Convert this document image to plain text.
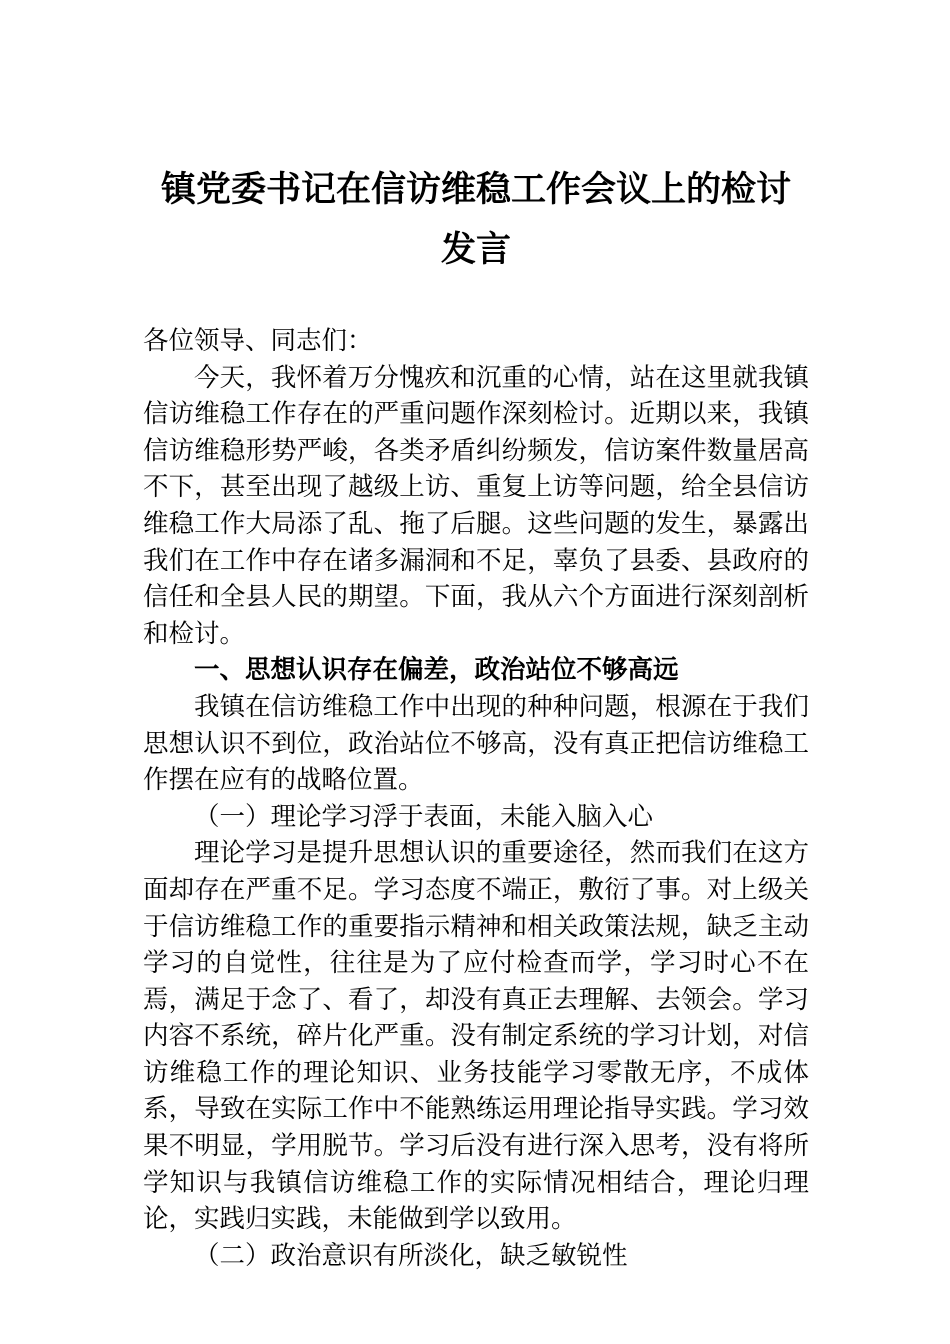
镇党委书记在信访维稳工作会议上的检讨
发言

各位领导、同志们：

今天，我怀着万分愧疚和沉重的心情，站在这里就我镇信访维稳工作存在的严重问题作深刻检讨。近期以来，我镇信访维稳形势严峻，各类矛盾纠纷频发，信访案件数量居高不下，甚至出现了越级上访、重复上访等问题，给全县信访维稳工作大局添了乱、拖了后腿。这些问题的发生，暴露出我们在工作中存在诸多漏洞和不足，辜负了县委、县政府的信任和全县人民的期望。下面，我从六个方面进行深刻剖析和检讨。

一、思想认识存在偏差，政治站位不够高远

我镇在信访维稳工作中出现的种种问题，根源在于我们思想认识不到位，政治站位不够高，没有真正把信访维稳工作摆在应有的战略位置。

（一）理论学习浮于表面，未能入脑入心

理论学习是提升思想认识的重要途径，然而我们在这方面却存在严重不足。学习态度不端正，敷衍了事。对上级关于信访维稳工作的重要指示精神和相关政策法规，缺乏主动学习的自觉性，往往是为了应付检查而学，学习时心不在焉，满足于念了、看了，却没有真正去理解、去领会。学习内容不系统，碎片化严重。没有制定系统的学习计划，对信访维稳工作的理论知识、业务技能学习零散无序，不成体系，导致在实际工作中不能熟练运用理论指导实践。学习效果不明显，学用脱节。学习后没有进行深入思考，没有将所学知识与我镇信访维稳工作的实际情况相结合，理论归理论，实践归实践，未能做到学以致用。

（二）政治意识有所淡化，缺乏敏锐性
